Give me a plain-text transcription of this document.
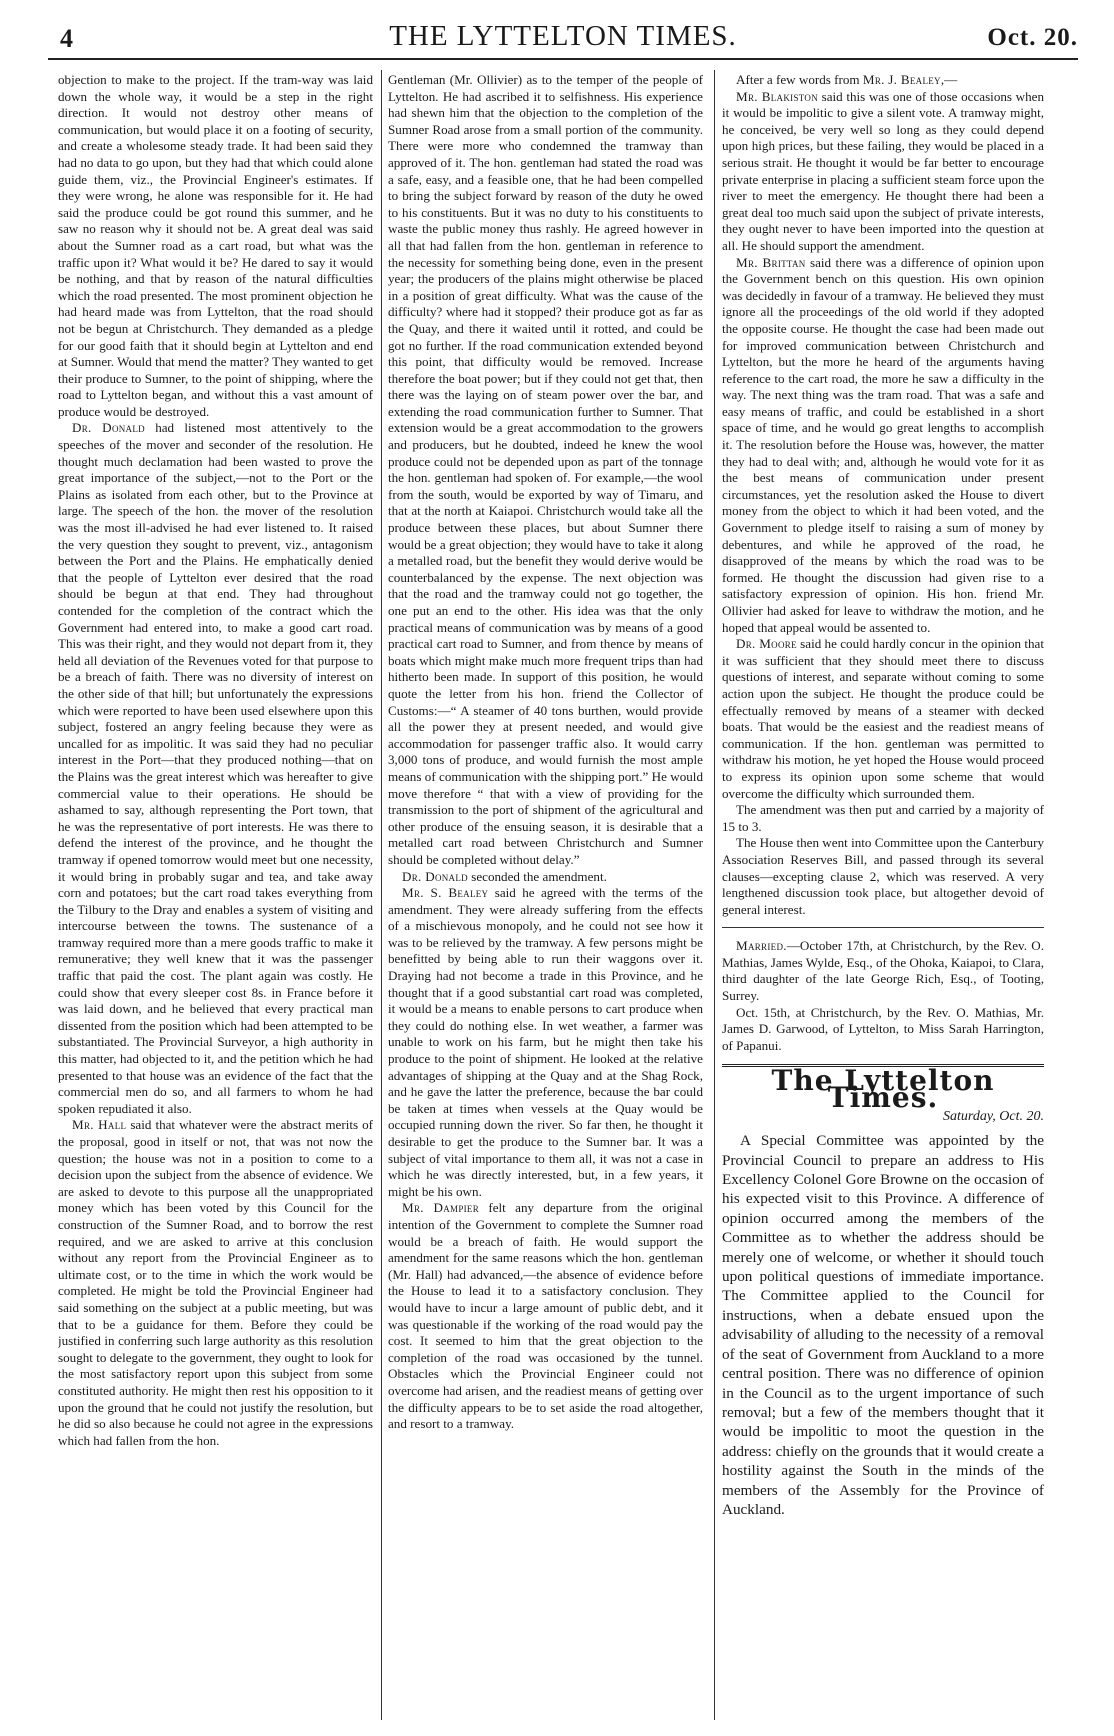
4	THE LYTTELTON TIMES.	Oct. 20.

objection to make to the project. If the tram-way was laid down the whole way, it would be a step in the right direction. It would not destroy other means of communication, but would place it on a footing of security, and create a wholesome steady trade. It had been said they had no data to go upon, but they had that which could alone guide them, viz., the Provincial Engineer's estimates. If they were wrong, he alone was responsible for it. He had said the produce could be got round this summer, and he saw no reason why it should not be. A great deal was said about the Sumner road as a cart road, but what was the traffic upon it? What would it be? He dared to say it would be nothing, and that by reason of the natural difficulties which the road presented. The most prominent objection he had heard made was from Lyttelton, that the road should not be begun at Christchurch. They demanded as a pledge for our good faith that it should begin at Lyttelton and end at Sumner. Would that mend the matter? They wanted to get their produce to Sumner, to the point of shipping, where the road to Lyttelton began, and without this a vast amount of produce would be destroyed.

Dr. Donald had listened most attentively to the speeches of the mover and seconder of the resolution. He thought much declamation had been wasted to prove the great importance of the subject,—not to the Port or the Plains as isolated from each other, but to the Province at large. The speech of the hon. the mover of the resolution was the most ill-advised he had ever listened to. It raised the very question they sought to prevent, viz., antagonism between the Port and the Plains. He emphatically denied that the people of Lyttelton ever desired that the road should be begun at that end. They had throughout contended for the completion of the contract which the Government had entered into, to make a good cart road. This was their right, and they would not depart from it, they held all deviation of the Revenues voted for that purpose to be a breach of faith. There was no diversity of interest on the other side of that hill; but unfortunately the expressions which were reported to have been used elsewhere upon this subject, fostered an angry feeling because they were as uncalled for as impolitic. It was said they had no peculiar interest in the Port—that they produced nothing—that on the Plains was the great interest which was hereafter to give commercial value to their operations. He should be ashamed to say, although representing the Port town, that he was the representative of port interests. He was there to defend the interest of the province, and he thought the tramway if opened tomorrow would meet but one necessity, it would bring in probably sugar and tea, and take away corn and potatoes; but the cart road takes everything from the Tilbury to the Dray and enables a system of visiting and intercourse between the towns. The sustenance of a tramway required more than a mere goods traffic to make it remunerative; they well knew that it was the passenger traffic that paid the cost. The plant again was costly. He could show that every sleeper cost 8s. in France before it was laid down, and he believed that every practical man dissented from the position which had been attempted to be substantiated. The Provincial Surveyor, a high authority in this matter, had objected to it, and the petition which he had presented to that house was an evidence of the fact that the commercial men do so, and all farmers to whom he had spoken repudiated it also.

Mr. Hall said that whatever were the abstract merits of the proposal, good in itself or not, that was not now the question; the house was not in a position to come to a decision upon the subject from the absence of evidence. We are asked to devote to this purpose all the unappropriated money which has been voted by this Council for the construction of the Sumner Road, and to borrow the rest required, and we are asked to arrive at this conclusion without any report from the Provincial Engineer as to ultimate cost, or to the time in which the work would be completed. He might be told the Provincial Engineer had said something on the subject at a public meeting, but was that to be a guidance for them. Before they could be justified in conferring such large authority as this resolution sought to delegate to the government, they ought to look for the most satisfactory report upon this subject from some constituted authority. He might then rest his opposition to it upon the ground that he could not justify the resolution, but he did so also because he could not agree in the expressions which had fallen from the hon.

Gentleman (Mr. Ollivier) as to the temper of the people of Lyttelton. He had ascribed it to selfishness. His experience had shewn him that the objection to the completion of the Sumner Road arose from a small portion of the community. There were more who condemned the tramway than approved of it. The hon. gentleman had stated the road was a safe, easy, and a feasible one, that he had been compelled to bring the subject forward by reason of the duty he owed to his constituents. But it was no duty to his constituents to waste the public money thus rashly. He agreed however in all that had fallen from the hon. gentleman in reference to the necessity for something being done, even in the present year; the producers of the plains might otherwise be placed in a position of great difficulty. What was the cause of the difficulty? where had it stopped? their produce got as far as the Quay, and there it waited until it rotted, and could be got no further. If the road communication extended beyond this point, that difficulty would be removed. Increase therefore the boat power; but if they could not get that, then there was the laying on of steam power over the bar, and extending the road communication further to Sumner. That extension would be a great accommodation to the growers and producers, but he doubted, indeed he knew the wool produce could not be depended upon as part of the tonnage the hon. gentleman had spoken of. For example,—the wool from the south, would be exported by way of Timaru, and that at the north at Kaiapoi. Christchurch would take all the produce between these places, but about Sumner there would be a great objection; they would have to take it along a metalled road, but the benefit they would derive would be counterbalanced by the expense. The next objection was that the road and the tramway could not go together, the one put an end to the other. His idea was that the only practical means of communication was by means of a good practical cart road to Sumner, and from thence by means of boats which might make much more frequent trips than had hitherto been made. In support of this position, he would quote the letter from his hon. friend the Collector of Customs:—“ A steamer of 40 tons burthen, would provide all the power they at present needed, and would give accommodation for passenger traffic also. It would carry 3,000 tons of produce, and would furnish the most ample means of communication with the shipping port.” He would move therefore “ that with a view of providing for the transmission to the port of shipment of the agricultural and other produce of the ensuing season, it is desirable that a metalled cart road between Christchurch and Sumner should be completed without delay.”

Dr. Donald seconded the amendment.

Mr. S. Bealey said he agreed with the terms of the amendment. They were already suffering from the effects of a mischievous monopoly, and he could not see how it was to be relieved by the tramway. A few persons might be benefitted by being able to run their waggons over it. Draying had not become a trade in this Province, and he thought that if a good substantial cart road was completed, it would be a means to enable persons to cart produce when they could do nothing else. In wet weather, a farmer was unable to work on his farm, but he might then take his produce to the point of shipment. He looked at the relative advantages of shipping at the Quay and at the Shag Rock, and he gave the latter the preference, because the bar could be taken at times when vessels at the Quay would be occupied running down the river. So far then, he thought it desirable to get the produce to the Sumner bar. It was a subject of vital importance to them all, it was not a case in which he was directly interested, but, in a few years, it might be his own.

Mr. Dampier felt any departure from the original intention of the Government to complete the Sumner road would be a breach of faith. He would support the amendment for the same reasons which the hon. gentleman (Mr. Hall) had advanced,—the absence of evidence before the House to lead it to a satisfactory conclusion. They would have to incur a large amount of public debt, and it was questionable if the working of the road would pay the cost. It seemed to him that the great objection to the completion of the road was occasioned by the tunnel. Obstacles which the Provincial Engineer could not overcome had arisen, and the readiest means of getting over the difficulty appears to be to set aside the road altogether, and resort to a tramway.

After a few words from Mr. J. Bealey,—

Mr. Blakiston said this was one of those occasions when it would be impolitic to give a silent vote. A tramway might, he conceived, be very well so long as they could depend upon high prices, but these failing, they would be placed in a serious strait. He thought it would be far better to encourage private enterprise in placing a sufficient steam force upon the river to meet the emergency. He thought there had been a great deal too much said upon the subject of private interests, they ought never to have been imported into the question at all. He should support the amendment.

Mr. Brittan said there was a difference of opinion upon the Government bench on this question. His own opinion was decidedly in favour of a tramway. He believed they must ignore all the proceedings of the old world if they adopted the opposite course. He thought the case had been made out for improved communication between Christchurch and Lyttelton, but the more he heard of the arguments having reference to the cart road, the more he saw a difficulty in the way. The next thing was the tram road. That was a safe and easy means of traffic, and could be established in a short space of time, and he would go great lengths to accomplish it. The resolution before the House was, however, the matter they had to deal with; and, although he would vote for it as the best means of communication under present circumstances, yet the resolution asked the House to divert money from the object to which it had been voted, and the Government to pledge itself to raising a sum of money by debentures, and while he approved of the road, he disapproved of the means by which the road was to be formed. He thought the discussion had given rise to a satisfactory expression of opinion. His hon. friend Mr. Ollivier had asked for leave to withdraw the motion, and he hoped that appeal would be assented to.

Dr. Moore said he could hardly concur in the opinion that it was sufficient that they should meet there to discuss questions of interest, and separate without coming to some action upon the subject. He thought the produce could be effectually removed by means of a steamer with decked boats. That would be the easiest and the readiest means of communication. If the hon. gentleman was permitted to withdraw his motion, he yet hoped the House would proceed to express its opinion upon some scheme that would overcome the difficulty which surrounded them.

The amendment was then put and carried by a majority of 15 to 3.

The House then went into Committee upon the Canterbury Association Reserves Bill, and passed through its several clauses—excepting clause 2, which was reserved. A very lengthened discussion took place, but altogether devoid of general interest.

Married.—October 17th, at Christchurch, by the Rev. O. Mathias, James Wylde, Esq., of the Ohoka, Kaiapoi, to Clara, third daughter of the late George Rich, Esq., of Tooting, Surrey.

Oct. 15th, at Christchurch, by the Rev. O. Mathias, Mr. James D. Garwood, of Lyttelton, to Miss Sarah Harrington, of Papanui.

The Lyttelton Times.
Saturday, Oct. 20.

A Special Committee was appointed by the Provincial Council to prepare an address to His Excellency Colonel Gore Browne on the occasion of his expected visit to this Province. A difference of opinion occurred among the members of the Committee as to whether the address should be merely one of welcome, or whether it should touch upon political questions of immediate importance. The Committee applied to the Council for instructions, when a debate ensued upon the advisability of alluding to the necessity of a removal of the seat of Government from Auckland to a more central position. There was no difference of opinion in the Council as to the urgent importance of such removal; but a few of the members thought that it would be impolitic to moot the question in the address: chiefly on the grounds that it would create a hostility against the South in the minds of the members of the Assembly for the Province of Auckland.
